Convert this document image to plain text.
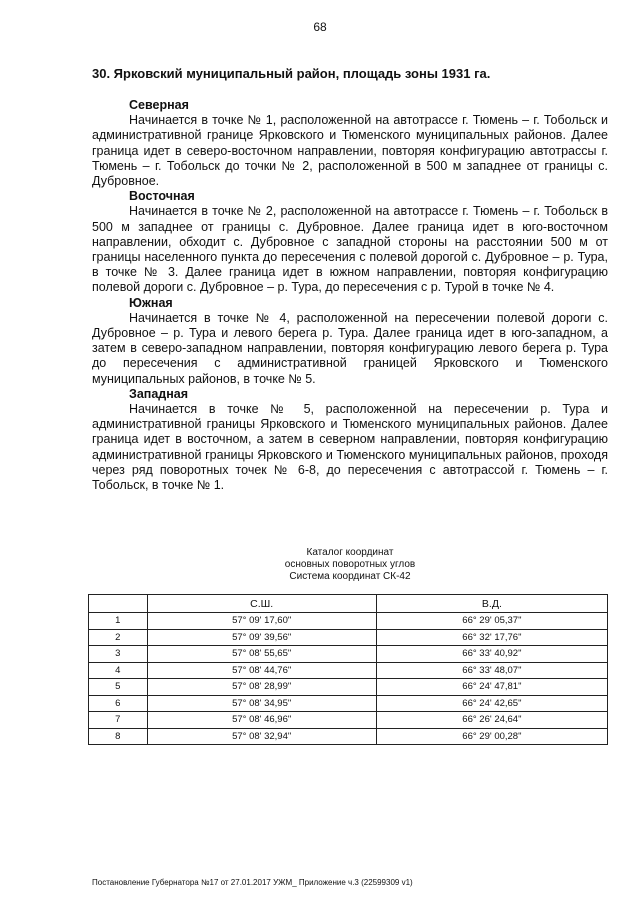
68
30. Ярковский муниципальный район, площадь зоны 1931 га.

Северная

Начинается в точке № 1, расположенной на автотрассе г. Тюмень – г. Тобольск и административной границе Ярковского и Тюменского муниципальных районов. Далее граница идет в северо-восточном направлении, повторяя конфигурацию автотрассы г. Тюмень – г. Тобольск до точки № 2, расположенной в 500 м западнее от границы с. Дубровное.

Восточная

Начинается в точке № 2, расположенной на автотрассе г. Тюмень – г. Тобольск в 500 м западнее от границы с. Дубровное. Далее граница идет в юго-восточном направлении, обходит с. Дубровное с западной стороны на расстоянии 500 м от границы населенного пункта до пересечения с полевой дорогой с. Дубровное – р. Тура, в точке № 3. Далее граница идет в южном направлении, повторяя конфигурацию полевой дороги с. Дубровное – р. Тура, до пересечения с р. Турой в точке № 4.

Южная

Начинается в точке № 4, расположенной на пересечении полевой дороги с. Дубровное – р. Тура и левого берега р. Тура. Далее граница идет в юго-западном, а затем в северо-западном направлении, повторяя конфигурацию левого берега р. Тура до пересечения с административной границей Ярковского и Тюменского муниципальных районов, в точке № 5.

Западная

Начинается в точке № 5, расположенной на пересечении р. Тура и административной границы Ярковского и Тюменского муниципальных районов. Далее граница идет в восточном, а затем в северном направлении, повторяя конфигурацию административной границы Ярковского и Тюменского муниципальных районов, проходя через ряд поворотных точек № 6-8, до пересечения с автотрассой г. Тюмень – г. Тобольск, в точке № 1.

Каталог координат
основных поворотных углов
Система координат СК-42
	С.Ш.	В.Д.
1	57° 09' 17,60"	66° 29' 05,37"
2	57° 09' 39,56"	66° 32' 17,76"
3	57° 08' 55,65"	66° 33' 40,92"
4	57° 08' 44,76"	66° 33' 48,07"
5	57° 08' 28,99"	66° 24' 47,81"
6	57° 08' 34,95"	66° 24' 42,65"
7	57° 08' 46,96"	66° 26' 24,64"
8	57° 08' 32,94"	66° 29' 00,28"
Постановление Губернатора №17 от 27.01.2017 УЖМ_ Приложение ч.3 (22599309 v1)
